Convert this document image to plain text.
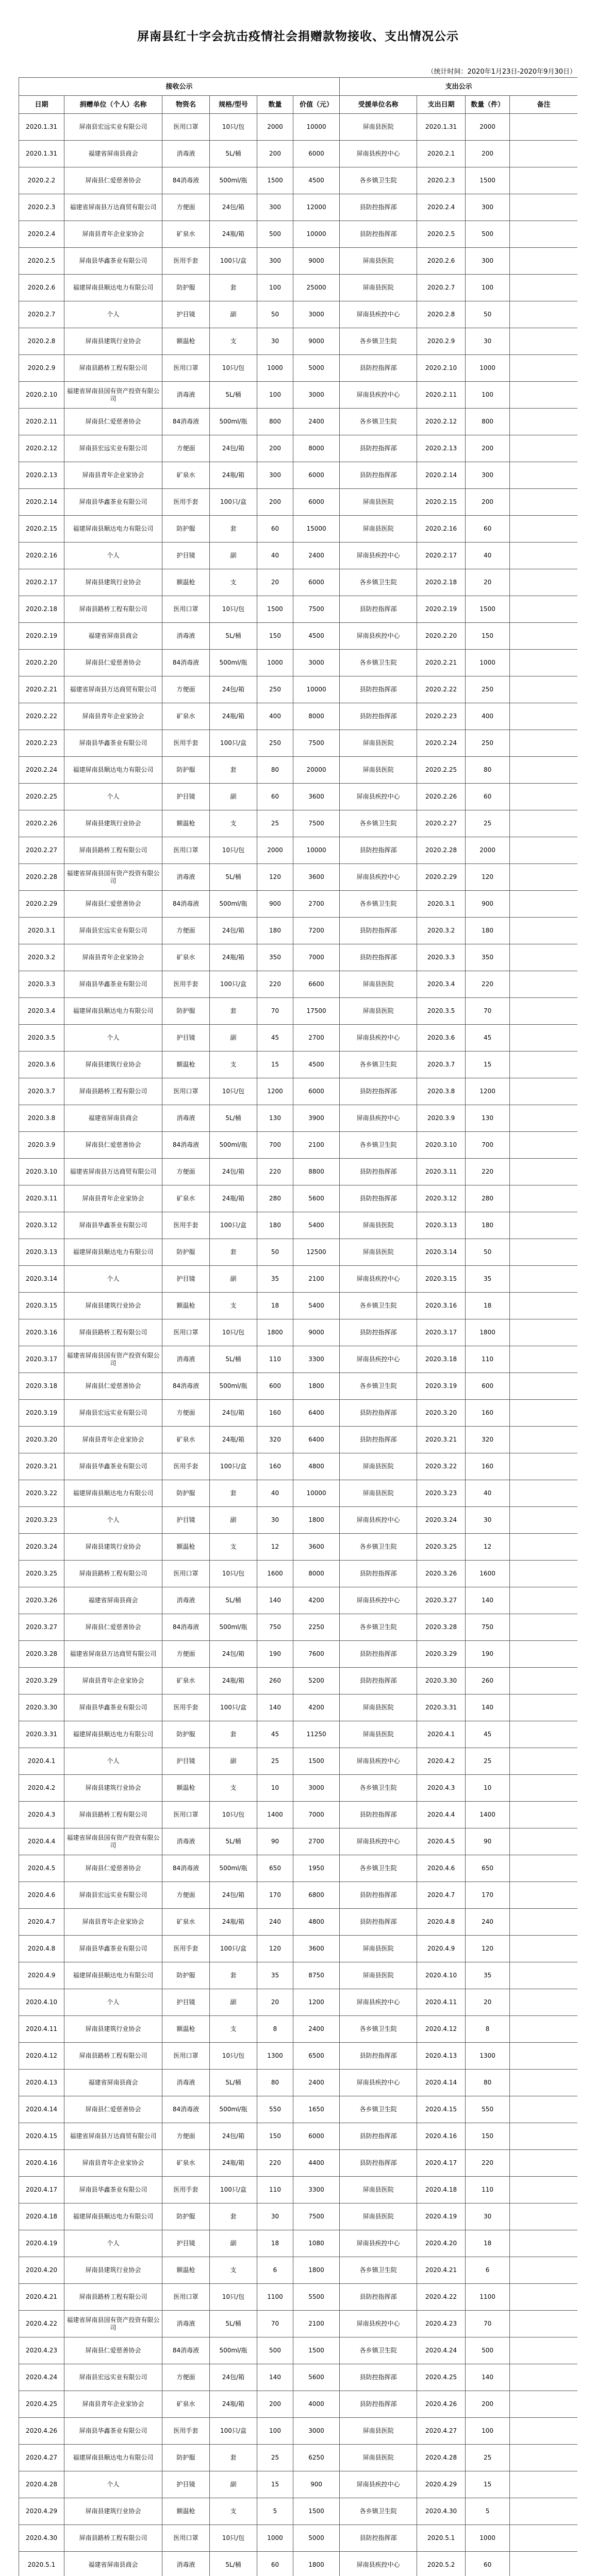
屏南县红十字会抗击疫情社会捐赠款物接收、支出情况公示
（统计时间：2020年1月23日-2020年9月30日）
接收公示						支出公示			
日期	捐赠单位（个人）名称	物资名	规格/型号	数量	价值（元）	受援单位名称	支出日期	数量（件）	备注
2020.1.31	屏南县宏远实业有限公司	医用口罩	10只/包	2000	10000	屏南县医院	2020.1.31	2000	
2020.1.31	福建省屏南县商会	消毒液	5L/桶	200	6000	屏南县疾控中心	2020.2.1	200	
2020.2.2	屏南县仁爱慈善协会	84消毒液	500ml/瓶	1500	4500	各乡镇卫生院	2020.2.3	1500	
2020.2.3	福建省屏南县万达商贸有限公司	方便面	24包/箱	300	12000	县防控指挥部	2020.2.4	300	
2020.2.4	屏南县青年企业家协会	矿泉水	24瓶/箱	500	10000	县防控指挥部	2020.2.5	500	
2020.2.5	屏南县华鑫茶业有限公司	医用手套	100只/盒	300	9000	屏南县医院	2020.2.6	300	
2020.2.6	福建屏南县顺达电力有限公司	防护服	套	100	25000	屏南县医院	2020.2.7	100	
2020.2.7	个人	护目镜	副	50	3000	屏南县疾控中心	2020.2.8	50	
2020.2.8	屏南县建筑行业协会	额温枪	支	30	9000	各乡镇卫生院	2020.2.9	30	
2020.2.9	屏南县路桥工程有限公司	医用口罩	10只/包	1000	5000	县防控指挥部	2020.2.10	1000	
2020.2.10	福建省屏南县国有资产投资有限公司	消毒液	5L/桶	100	3000	屏南县疾控中心	2020.2.11	100	
2020.2.11	屏南县仁爱慈善协会	84消毒液	500ml/瓶	800	2400	各乡镇卫生院	2020.2.12	800	
2020.2.12	屏南县宏远实业有限公司	方便面	24包/箱	200	8000	县防控指挥部	2020.2.13	200	
2020.2.13	屏南县青年企业家协会	矿泉水	24瓶/箱	300	6000	县防控指挥部	2020.2.14	300	
2020.2.14	屏南县华鑫茶业有限公司	医用手套	100只/盒	200	6000	屏南县医院	2020.2.15	200	
2020.2.15	福建屏南县顺达电力有限公司	防护服	套	60	15000	屏南县医院	2020.2.16	60	
2020.2.16	个人	护目镜	副	40	2400	屏南县疾控中心	2020.2.17	40	
2020.2.17	屏南县建筑行业协会	额温枪	支	20	6000	各乡镇卫生院	2020.2.18	20	
2020.2.18	屏南县路桥工程有限公司	医用口罩	10只/包	1500	7500	县防控指挥部	2020.2.19	1500	
2020.2.19	福建省屏南县商会	消毒液	5L/桶	150	4500	屏南县疾控中心	2020.2.20	150	
2020.2.20	屏南县仁爱慈善协会	84消毒液	500ml/瓶	1000	3000	各乡镇卫生院	2020.2.21	1000	
2020.2.21	福建省屏南县万达商贸有限公司	方便面	24包/箱	250	10000	县防控指挥部	2020.2.22	250	
2020.2.22	屏南县青年企业家协会	矿泉水	24瓶/箱	400	8000	县防控指挥部	2020.2.23	400	
2020.2.23	屏南县华鑫茶业有限公司	医用手套	100只/盒	250	7500	屏南县医院	2020.2.24	250	
2020.2.24	福建屏南县顺达电力有限公司	防护服	套	80	20000	屏南县医院	2020.2.25	80	
2020.2.25	个人	护目镜	副	60	3600	屏南县疾控中心	2020.2.26	60	
2020.2.26	屏南县建筑行业协会	额温枪	支	25	7500	各乡镇卫生院	2020.2.27	25	
2020.2.27	屏南县路桥工程有限公司	医用口罩	10只/包	2000	10000	县防控指挥部	2020.2.28	2000	
2020.2.28	福建省屏南县国有资产投资有限公司	消毒液	5L/桶	120	3600	屏南县疾控中心	2020.2.29	120	
2020.2.29	屏南县仁爱慈善协会	84消毒液	500ml/瓶	900	2700	各乡镇卫生院	2020.3.1	900	
2020.3.1	屏南县宏远实业有限公司	方便面	24包/箱	180	7200	县防控指挥部	2020.3.2	180	
2020.3.2	屏南县青年企业家协会	矿泉水	24瓶/箱	350	7000	县防控指挥部	2020.3.3	350	
2020.3.3	屏南县华鑫茶业有限公司	医用手套	100只/盒	220	6600	屏南县医院	2020.3.4	220	
2020.3.4	福建屏南县顺达电力有限公司	防护服	套	70	17500	屏南县医院	2020.3.5	70	
2020.3.5	个人	护目镜	副	45	2700	屏南县疾控中心	2020.3.6	45	
2020.3.6	屏南县建筑行业协会	额温枪	支	15	4500	各乡镇卫生院	2020.3.7	15	
2020.3.7	屏南县路桥工程有限公司	医用口罩	10只/包	1200	6000	县防控指挥部	2020.3.8	1200	
2020.3.8	福建省屏南县商会	消毒液	5L/桶	130	3900	屏南县疾控中心	2020.3.9	130	
2020.3.9	屏南县仁爱慈善协会	84消毒液	500ml/瓶	700	2100	各乡镇卫生院	2020.3.10	700	
2020.3.10	福建省屏南县万达商贸有限公司	方便面	24包/箱	220	8800	县防控指挥部	2020.3.11	220	
2020.3.11	屏南县青年企业家协会	矿泉水	24瓶/箱	280	5600	县防控指挥部	2020.3.12	280	
2020.3.12	屏南县华鑫茶业有限公司	医用手套	100只/盒	180	5400	屏南县医院	2020.3.13	180	
2020.3.13	福建屏南县顺达电力有限公司	防护服	套	50	12500	屏南县医院	2020.3.14	50	
2020.3.14	个人	护目镜	副	35	2100	屏南县疾控中心	2020.3.15	35	
2020.3.15	屏南县建筑行业协会	额温枪	支	18	5400	各乡镇卫生院	2020.3.16	18	
2020.3.16	屏南县路桥工程有限公司	医用口罩	10只/包	1800	9000	县防控指挥部	2020.3.17	1800	
2020.3.17	福建省屏南县国有资产投资有限公司	消毒液	5L/桶	110	3300	屏南县疾控中心	2020.3.18	110	
2020.3.18	屏南县仁爱慈善协会	84消毒液	500ml/瓶	600	1800	各乡镇卫生院	2020.3.19	600	
2020.3.19	屏南县宏远实业有限公司	方便面	24包/箱	160	6400	县防控指挥部	2020.3.20	160	
2020.3.20	屏南县青年企业家协会	矿泉水	24瓶/箱	320	6400	县防控指挥部	2020.3.21	320	
2020.3.21	屏南县华鑫茶业有限公司	医用手套	100只/盒	160	4800	屏南县医院	2020.3.22	160	
2020.3.22	福建屏南县顺达电力有限公司	防护服	套	40	10000	屏南县医院	2020.3.23	40	
2020.3.23	个人	护目镜	副	30	1800	屏南县疾控中心	2020.3.24	30	
2020.3.24	屏南县建筑行业协会	额温枪	支	12	3600	各乡镇卫生院	2020.3.25	12	
2020.3.25	屏南县路桥工程有限公司	医用口罩	10只/包	1600	8000	县防控指挥部	2020.3.26	1600	
2020.3.26	福建省屏南县商会	消毒液	5L/桶	140	4200	屏南县疾控中心	2020.3.27	140	
2020.3.27	屏南县仁爱慈善协会	84消毒液	500ml/瓶	750	2250	各乡镇卫生院	2020.3.28	750	
2020.3.28	福建省屏南县万达商贸有限公司	方便面	24包/箱	190	7600	县防控指挥部	2020.3.29	190	
2020.3.29	屏南县青年企业家协会	矿泉水	24瓶/箱	260	5200	县防控指挥部	2020.3.30	260	
2020.3.30	屏南县华鑫茶业有限公司	医用手套	100只/盒	140	4200	屏南县医院	2020.3.31	140	
2020.3.31	福建屏南县顺达电力有限公司	防护服	套	45	11250	屏南县医院	2020.4.1	45	
2020.4.1	个人	护目镜	副	25	1500	屏南县疾控中心	2020.4.2	25	
2020.4.2	屏南县建筑行业协会	额温枪	支	10	3000	各乡镇卫生院	2020.4.3	10	
2020.4.3	屏南县路桥工程有限公司	医用口罩	10只/包	1400	7000	县防控指挥部	2020.4.4	1400	
2020.4.4	福建省屏南县国有资产投资有限公司	消毒液	5L/桶	90	2700	屏南县疾控中心	2020.4.5	90	
2020.4.5	屏南县仁爱慈善协会	84消毒液	500ml/瓶	650	1950	各乡镇卫生院	2020.4.6	650	
2020.4.6	屏南县宏远实业有限公司	方便面	24包/箱	170	6800	县防控指挥部	2020.4.7	170	
2020.4.7	屏南县青年企业家协会	矿泉水	24瓶/箱	240	4800	县防控指挥部	2020.4.8	240	
2020.4.8	屏南县华鑫茶业有限公司	医用手套	100只/盒	120	3600	屏南县医院	2020.4.9	120	
2020.4.9	福建屏南县顺达电力有限公司	防护服	套	35	8750	屏南县医院	2020.4.10	35	
2020.4.10	个人	护目镜	副	20	1200	屏南县疾控中心	2020.4.11	20	
2020.4.11	屏南县建筑行业协会	额温枪	支	8	2400	各乡镇卫生院	2020.4.12	8	
2020.4.12	屏南县路桥工程有限公司	医用口罩	10只/包	1300	6500	县防控指挥部	2020.4.13	1300	
2020.4.13	福建省屏南县商会	消毒液	5L/桶	80	2400	屏南县疾控中心	2020.4.14	80	
2020.4.14	屏南县仁爱慈善协会	84消毒液	500ml/瓶	550	1650	各乡镇卫生院	2020.4.15	550	
2020.4.15	福建省屏南县万达商贸有限公司	方便面	24包/箱	150	6000	县防控指挥部	2020.4.16	150	
2020.4.16	屏南县青年企业家协会	矿泉水	24瓶/箱	220	4400	县防控指挥部	2020.4.17	220	
2020.4.17	屏南县华鑫茶业有限公司	医用手套	100只/盒	110	3300	屏南县医院	2020.4.18	110	
2020.4.18	福建屏南县顺达电力有限公司	防护服	套	30	7500	屏南县医院	2020.4.19	30	
2020.4.19	个人	护目镜	副	18	1080	屏南县疾控中心	2020.4.20	18	
2020.4.20	屏南县建筑行业协会	额温枪	支	6	1800	各乡镇卫生院	2020.4.21	6	
2020.4.21	屏南县路桥工程有限公司	医用口罩	10只/包	1100	5500	县防控指挥部	2020.4.22	1100	
2020.4.22	福建省屏南县国有资产投资有限公司	消毒液	5L/桶	70	2100	屏南县疾控中心	2020.4.23	70	
2020.4.23	屏南县仁爱慈善协会	84消毒液	500ml/瓶	500	1500	各乡镇卫生院	2020.4.24	500	
2020.4.24	屏南县宏远实业有限公司	方便面	24包/箱	140	5600	县防控指挥部	2020.4.25	140	
2020.4.25	屏南县青年企业家协会	矿泉水	24瓶/箱	200	4000	县防控指挥部	2020.4.26	200	
2020.4.26	屏南县华鑫茶业有限公司	医用手套	100只/盒	100	3000	屏南县医院	2020.4.27	100	
2020.4.27	福建屏南县顺达电力有限公司	防护服	套	25	6250	屏南县医院	2020.4.28	25	
2020.4.28	个人	护目镜	副	15	900	屏南县疾控中心	2020.4.29	15	
2020.4.29	屏南县建筑行业协会	额温枪	支	5	1500	各乡镇卫生院	2020.4.30	5	
2020.4.30	屏南县路桥工程有限公司	医用口罩	10只/包	1000	5000	县防控指挥部	2020.5.1	1000	
2020.5.1	福建省屏南县商会	消毒液	5L/桶	60	1800	屏南县疾控中心	2020.5.2	60	
